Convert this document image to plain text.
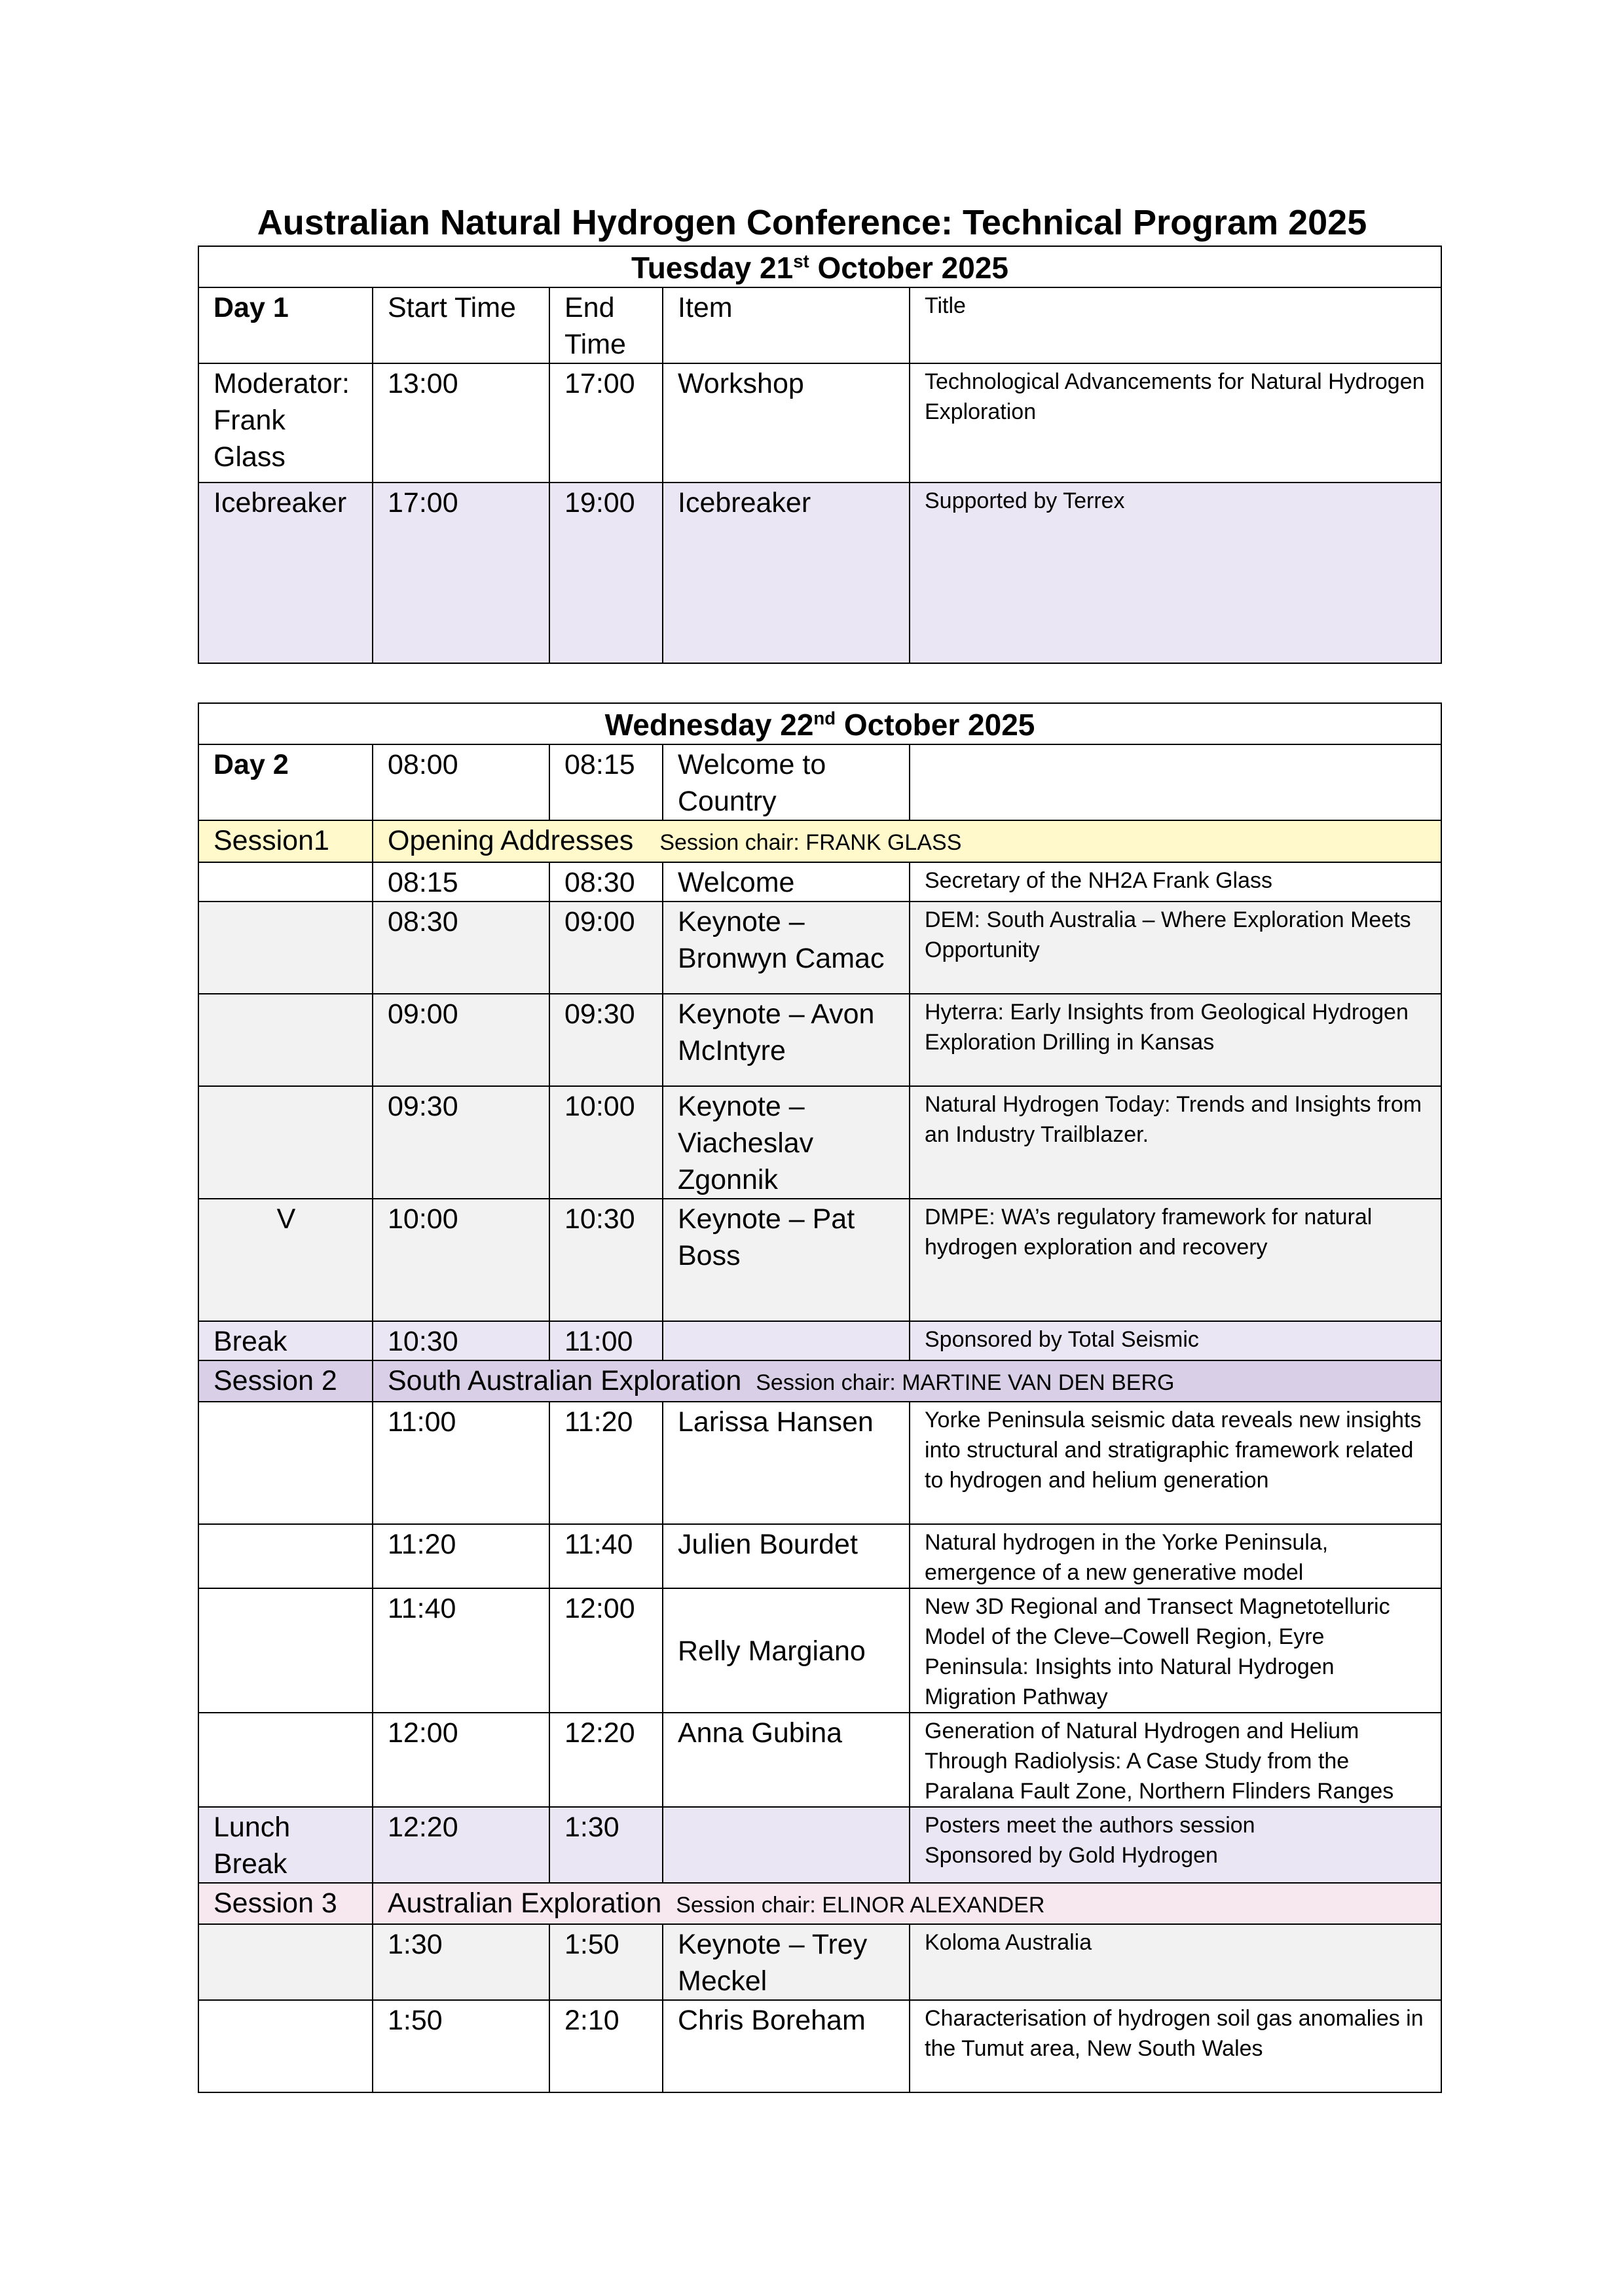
Australian Natural Hydrogen Conference: Technical Program 2025
Tuesday 21st October 2025				
Day 1	Start Time	End Time	Item	Title
Moderator: Frank Glass	13:00	17:00	Workshop	Technological Advancements for Natural Hydrogen Exploration
Icebreaker	17:00	19:00	Icebreaker	Supported by Terrex
Wednesday 22nd October 2025				
Day 2	08:00	08:15	Welcome to Country	
Session1	Opening Addresses Session chair: FRANK GLASS			
	08:15	08:30	Welcome	Secretary of the NH2A Frank Glass
	08:30	09:00	Keynote – Bronwyn Camac	DEM: South Australia – Where Exploration Meets Opportunity
	09:00	09:30	Keynote – Avon McIntyre	Hyterra: Early Insights from Geological Hydrogen Exploration Drilling in Kansas
	09:30	10:00	Keynote – Viacheslav Zgonnik	Natural Hydrogen Today: Trends and Insights from an Industry Trailblazer.
V	10:00	10:30	Keynote – Pat Boss	DMPE: WA’s regulatory framework for natural hydrogen exploration and recovery
Break	10:30	11:00		Sponsored by Total Seismic
Session 2	South Australian Exploration Session chair: MARTINE VAN DEN BERG			
	11:00	11:20	Larissa Hansen	Yorke Peninsula seismic data reveals new insights into structural and stratigraphic framework related to hydrogen and helium generation
	11:20	11:40	Julien Bourdet	Natural hydrogen in the Yorke Peninsula, emergence of a new generative model
	11:40	12:00	Relly Margiano	New 3D Regional and Transect Magnetotelluric Model of the Cleve–Cowell Region, Eyre Peninsula: Insights into Natural Hydrogen Migration Pathway
	12:00	12:20	Anna Gubina	Generation of Natural Hydrogen and Helium Through Radiolysis: A Case Study from the Paralana Fault Zone, Northern Flinders Ranges
Lunch Break	12:20	1:30		Posters meet the authors session
Sponsored by Gold Hydrogen

Session 3	Australian Exploration Session chair: ELINOR ALEXANDER			
	1:30	1:50	Keynote – Trey Meckel	Koloma Australia
	1:50	2:10	Chris Boreham	Characterisation of hydrogen soil gas anomalies in the Tumut area, New South Wales
